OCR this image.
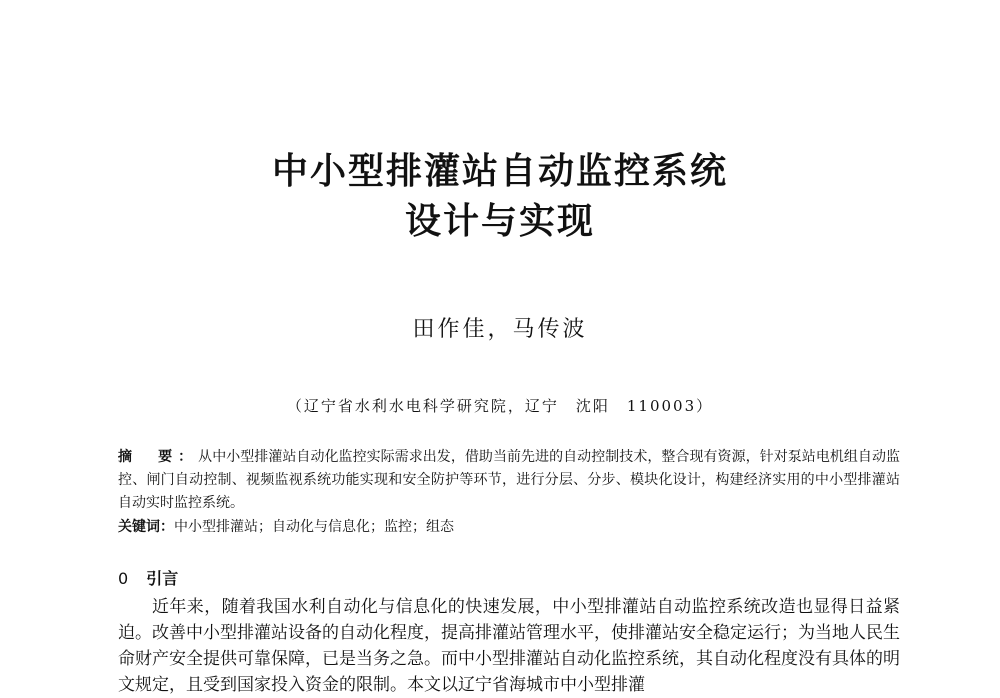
中小型排灌站自动监控系统
设计与实现
田作佳，马传波
（辽宁省水利水电科学研究院，辽宁　沈阳　110003）
摘　要：从中小型排灌站自动化监控实际需求出发，借助当前先进的自动控制技术，整合现有资源，针对泵站电机组自动监控、闸门自动控制、视频监视系统功能实现和安全防护等环节，进行分层、分步、模块化设计，构建经济实用的中小型排灌站自动实时监控系统。
关键词：中小型排灌站；自动化与信息化；监控；组态
0 引言
近年来，随着我国水利自动化与信息化的快速发展，中小型排灌站自动监控系统改造也显得日益紧迫。改善中小型排灌站设备的自动化程度，提高排灌站管理水平，使排灌站安全稳定运行；为当地人民生命财产安全提供可靠保障，已是当务之急。而中小型排灌站自动化监控系统，其自动化程度没有具体的明文规定，且受到国家投入资金的限制。本文以辽宁省海城市中小型排灌
